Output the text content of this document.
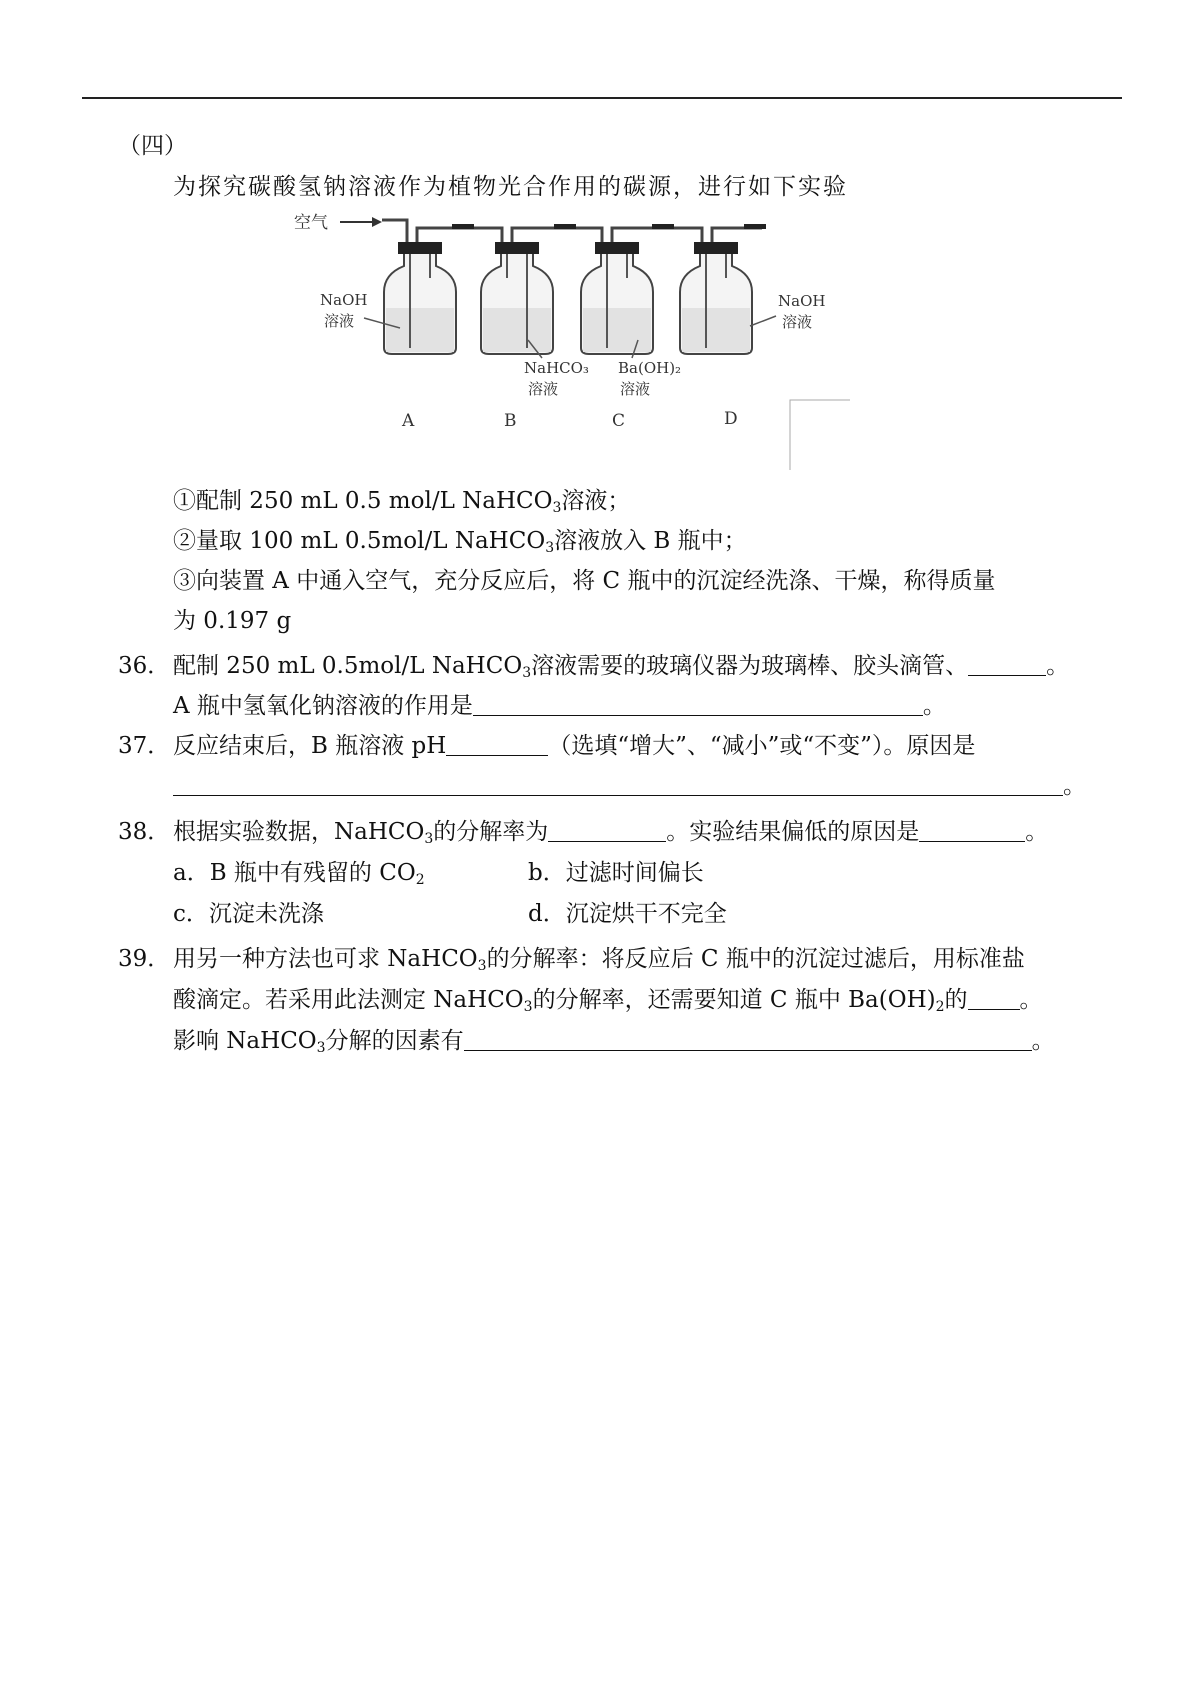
（四）
为探究碳酸氢钠溶液作为植物光合作用的碳源，进行如下实验
空气
NaOH
溶液
NaHCO₃
溶液
Ba(OH)₂
溶液
NaOH
溶液
A	B	C	D
①配制 250 mL 0.5 mol/L NaHCO$_3$溶液；
②量取 100 mL 0.5mol/L NaHCO$_3$溶液放入 B 瓶中；
③向装置 A 中通入空气，充分反应后，将 C 瓶中的沉淀经洗涤、干燥，称得质量
为 0.197 g
36． 配制 250 mL 0.5mol/L NaHCO$_3$溶液需要的玻璃仪器为玻璃棒、胶头滴管、	。
A 瓶中氢氧化钠溶液的作用是	。
37． 反应结束后，B 瓶溶液 pH	（选填“增大”、“减小”或“不变”）。原因是
。
38． 根据实验数据，NaHCO$_3$的分解率为	。实验结果偏低的原因是	。
a．B 瓶中有残留的 $CO_2$	b．过滤时间偏长
c．沉淀未洗涤	d．沉淀烘干不完全
39． 用另一种方法也可求 NaHCO$_3$的分解率：将反应后 C 瓶中的沉淀过滤后，用标准盐
酸滴定。若采用此法测定 NaHCO$_3$的分解率，还需要知道 C 瓶中 $Ba(OH)_2$的 。
影响 NaHCO$_3$分解的因素有	。
